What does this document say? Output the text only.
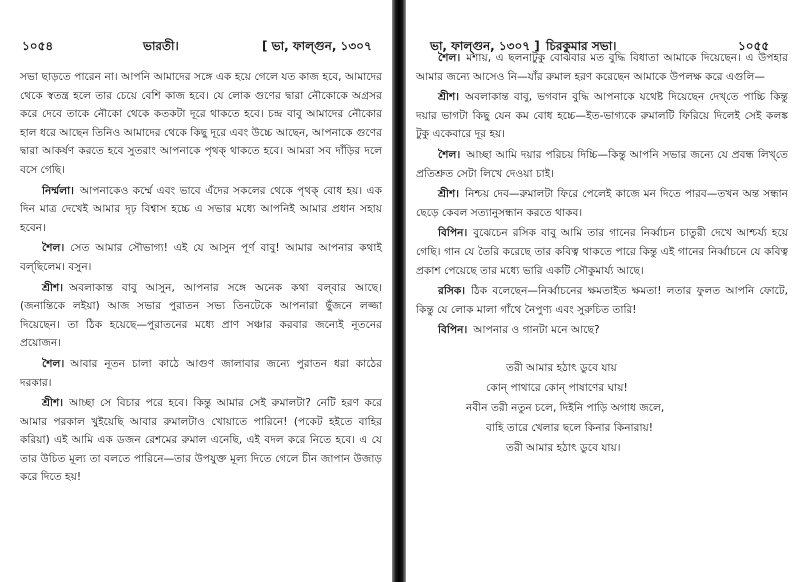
১০৫৪	ভারতী।	[ ভা, ফাল্গুন, ১৩০৭

সভা ছাড়তে পারেন না। আপনি আমাদের সঙ্গে এক হয়ে গেলে যত কাজ হবে, আমাদের থেকে স্বতন্ত্র হলে তার চেয়ে বেশি কাজ হবে। যে লোক গুণের দ্বারা নৌকোকে অগ্রসর করে দেবে তাকে নৌকো থেকে কতকটা দূরে থাকতে হবে। চন্দ্র বাবু আমাদের নৌকোর হাল ধরে আছেন তিনিও আমাদের থেকে কিছু দূরে এবং উচ্চে আছেন, আপনাকে গুণের দ্বারা আকর্ষণ করতে হবে সুতরাং আপনাকে পৃথক্ থাকতে হবে। আমরা সব দাঁড়ির দলে বসে গেছি।

নির্ম্মলা। আপনাকেও কর্ম্মে এবং ভাবে এঁদের সকলের থেকে পৃথক্ বোধ হয়। এক দিন মাত্র দেখেই আমার দৃঢ় বিশ্বাস হচ্চে এ সভার মধ্যে আপনিই আমার প্রধান সহায় হবেন।

শৈল। সেত আমার সৌভাগ্য! এই যে আসুন পূর্ণ বাবু! আমার আপনার কথাই বল্‌ছিলেম। বসুন।

শ্রীশ। অবলাকান্ত বাবু আসুন, আপনার সঙ্গে অনেক কথা বল্‌বার আছে। (জনান্তিকে লইয়া) আজ সভার পুরাতন সভ্য তিনটেকে আপনারা ছুঁজনে লজ্জা দিয়েছেন। তা ঠিক হয়েছে—পুরাতনের মধ্যে প্রাণ সঞ্চার করবার জন্যেই নূতনের প্রয়োজন।

শৈল। আবার নূতন চালা কাঠে আগুণ জালাবার জন্যে পুরাতন ধরা কাঠের দরকার।

শ্রীশ। আচ্ছা সে বিচার পরে হবে। কিন্তু আমার সেই রুমালটা? নেটি হরণ করে আমার পরকাল খুইয়েছি আবার রুমালটাও খোয়াতে পারিনে! (পকেট হইতে বাহির করিয়া) এই আমি এক ডজন রেশমের রুমাল এনেছি, এই বদল করে নিতে হবে। এ যে তার উচিত মূল্য তা বলতে পারিনে—তার উপযুক্ত মূল্য দিতে গেলে চীন জাপান উজাড় করে দিতে হয়!

ভা, ফাল্গুন, ১৩০৭ ] চিরকুমার সভা।	১০৫৫

শৈল। মশায়, এ ছলনাটুকু বোঝবার মত বুদ্ধি বিধাতা আমাকে দিয়েছেন। এ উপহার আমার জন্যে আসেও নি—যাঁর রুমাল হরণ করেছেন আমাকে উপলক্ষ করে এগুলি—

শ্রীশ। অবলাকান্ত বাবু, ভগবান বুদ্ধি আপনাকে যথেষ্ট দিয়েছেন দেখ্‌তে পাচ্চি কিন্তু দয়ার ভাগটা কিছু যেন কম বোধ হচ্চে—ইত-ভাগ্যকে রুমালটি ফিরিয়ে দিলেই সেই কলঙ্ক টুকু একেবারে দূর হয়।

শৈল। আচ্ছা আমি দয়ার পরিচয় দিচ্চি—কিন্তু আপনি সভার জন্যে যে প্রবন্ধ লিখ্‌তে প্রতিশ্রুত সেটা লিখে দেওয়া চাই।

শ্রীশ। নিশ্চয় দেব—রুমালটা ফিরে পেলেই কাজে মন দিতে পারব—তখন অন্ত সন্ধান ছেড়ে কেবল সত্যানুসন্ধান করতে থাকব।

বিপিন। বুঝেচেন রসিক বাবু আমি তার গানের নির্ব্বাচন চাতুরী দেখে আশ্চর্য্য হয়ে গেছি। গান যে তৈরি করেছে তার কবিত্ব থাকতে পারে কিন্তু এই গানের নির্ব্বাচনে যে কবিত্ব প্রকাশ পেয়েছে তার মধ্যে ভারি একটি সৌকুমার্য্য আছে।

রসিক। ঠিক বলেছেন—নির্ব্বাচনের ক্ষমতাইত ক্ষমতা! লতার ফুলত আপনি ফোটে, কিন্তু যে লোক মালা গাঁথে নৈপুণ্য এবং সুরুচিত তারি!

বিপিন। আপনার ও গানটা মনে আছে?

তরী আমার হঠাৎ ডুবে যায়
কোন্‌ পাথারে কোন্‌ পাষাণের ঘায়!
নবীন তরী নতুন চলে, দিইনি পাড়ি অগাধ জলে,
বাহি তারে খেলার ছলে কিনার কিনারায়!
তরী আমার হঠাৎ ডুবে যায়।
